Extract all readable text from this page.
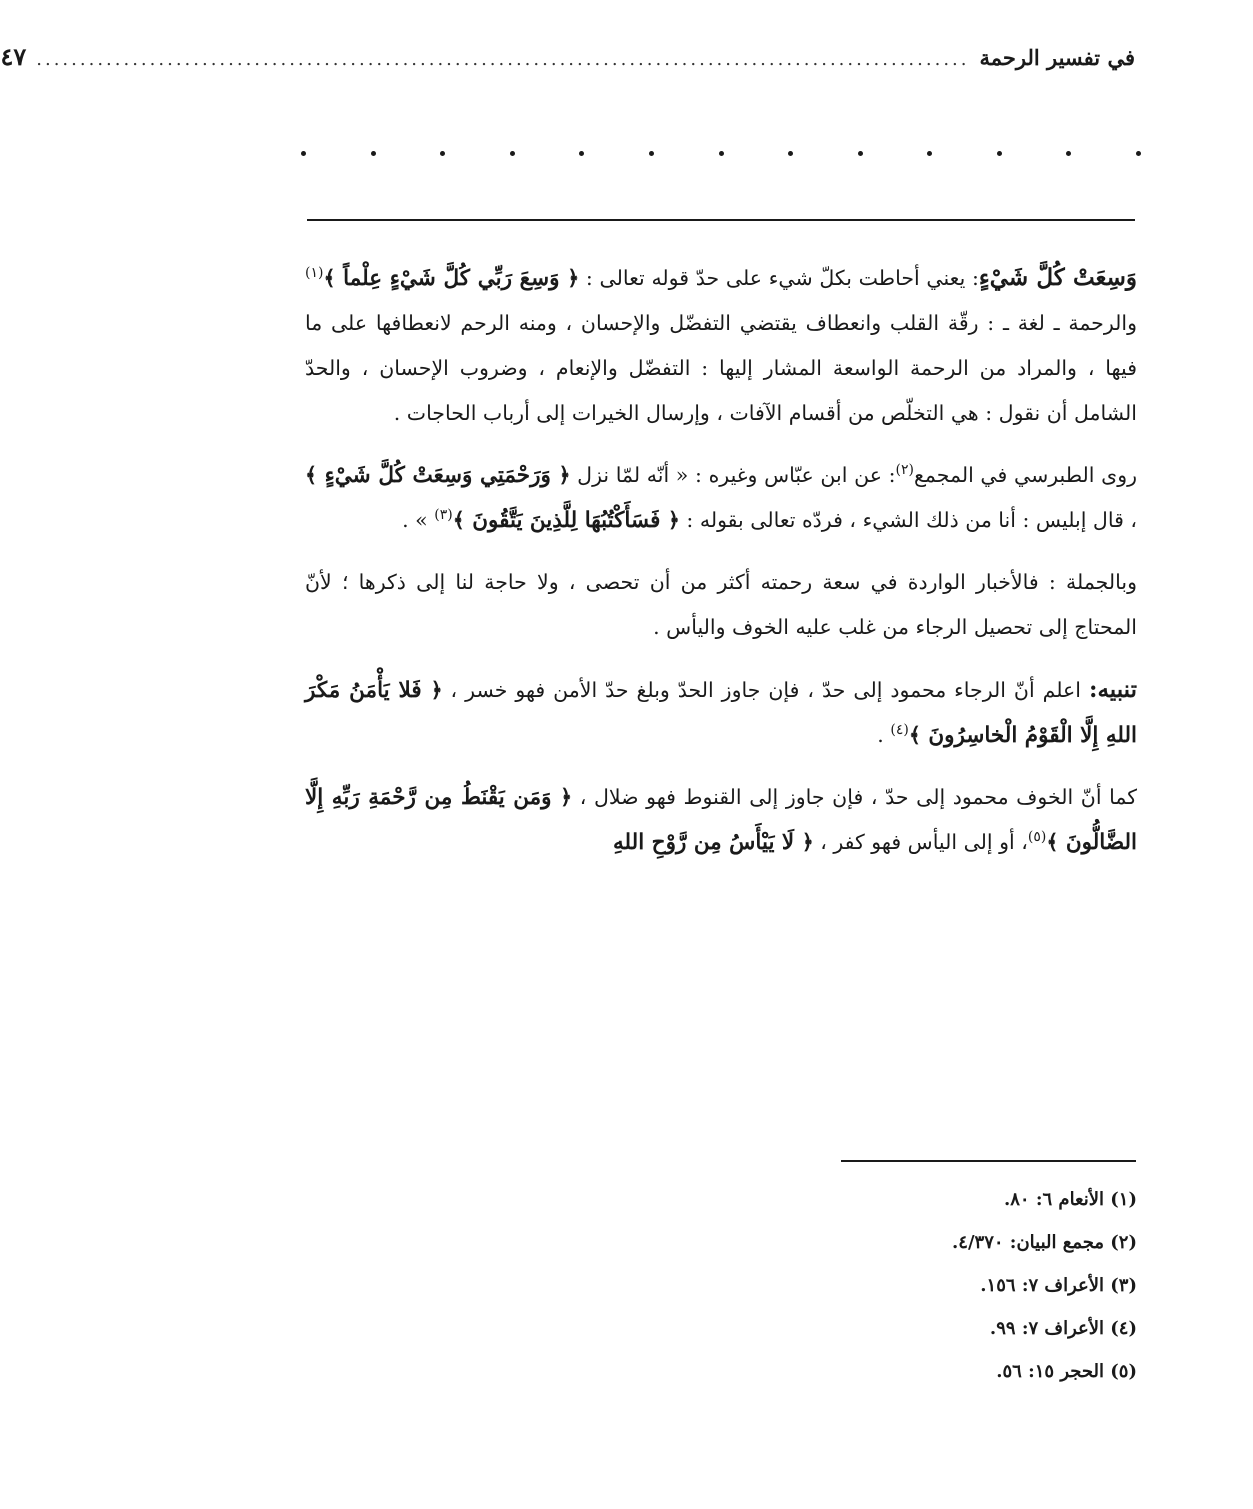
في تفسير الرحمة
...........................................................................................................
٤٧

وَسِعَتْ كُلَّ شَيْءٍ: يعني أحاطت بكلّ شيء على حدّ قوله تعالى : ﴿ وَسِعَ رَبِّي كُلَّ شَيْءٍ عِلْماً ﴾$^{(١)}$ والرحمة ـ لغة ـ : رقّة القلب وانعطاف يقتضي التفضّل والإحسان ، ومنه الرحم لانعطافها على ما فيها ، والمراد من الرحمة الواسعة المشار إليها : التفضّل والإنعام ، وضروب الإحسان ، والحدّ الشامل أن نقول : هي التخلّص من أقسام الآفات ، وإرسال الخيرات إلى أرباب الحاجات .

روى الطبرسي في المجمع$^{(٢)}$: عن ابن عبّاس وغيره : « أنّه لمّا نزل ﴿ وَرَحْمَتِي وَسِعَتْ كُلَّ شَيْءٍ ﴾ ، قال إبليس : أنا من ذلك الشيء ، فردّه تعالى بقوله : ﴿ فَسَأَكْتُبُهَا لِلَّذِينَ يَتَّقُونَ ﴾$^{(٣)}$ » .

وبالجملة : فالأخبار الواردة في سعة رحمته أكثر من أن تحصى ، ولا حاجة لنا إلى ذكرها ؛ لأنّ المحتاج إلى تحصيل الرجاء من غلب عليه الخوف واليأس .

تنبيه: اعلم أنّ الرجاء محمود إلى حدّ ، فإن جاوز الحدّ وبلغ حدّ الأمن فهو خسر ، ﴿ فَلا يَأْمَنُ مَكْرَ اللهِ إِلَّا الْقَوْمُ الْخاسِرُونَ ﴾$^{(٤)}$ .

كما أنّ الخوف محمود إلى حدّ ، فإن جاوز إلى القنوط فهو ضلال ، ﴿ وَمَن يَقْنَطُ مِن رَّحْمَةِ رَبِّهِ إِلَّا الضَّالُّونَ ﴾$^{(٥)}$، أو إلى اليأس فهو كفر ، ﴿ لَا يَيْأَسُ مِن رَّوْحِ اللهِ

(١) الأنعام ٦: ٨٠.
(٢) مجمع البيان: ٤/٣٧٠.
(٣) الأعراف ٧: ١٥٦.
(٤) الأعراف ٧: ٩٩.
(٥) الحجر ١٥: ٥٦.
